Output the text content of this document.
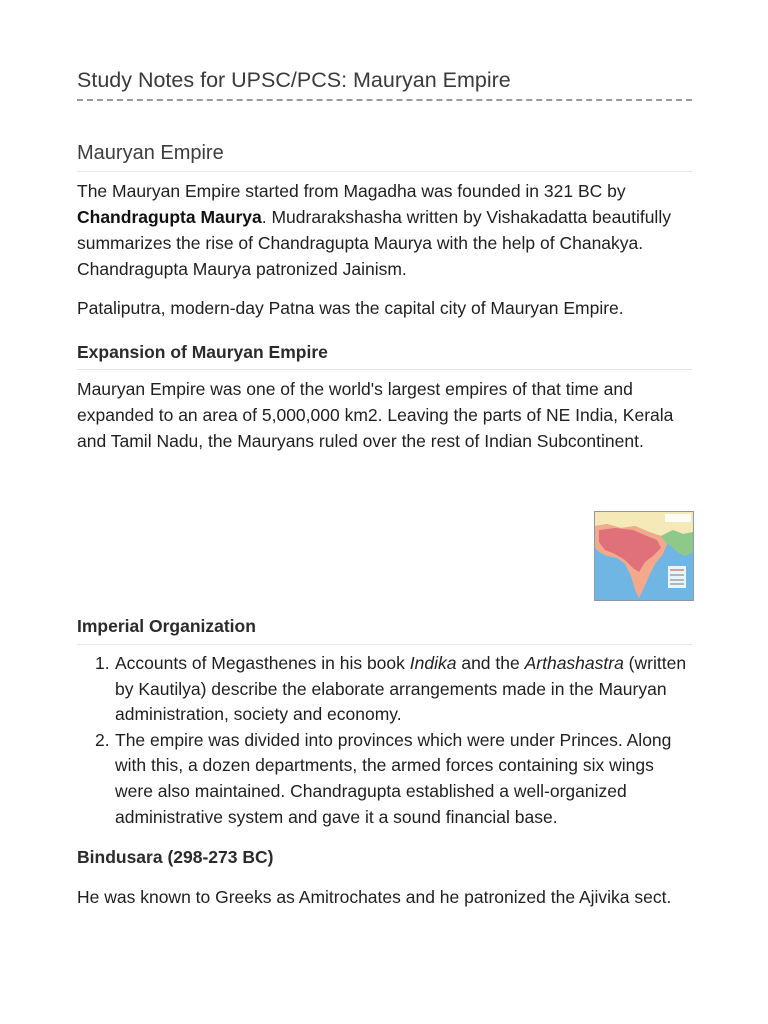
Study Notes for UPSC/PCS: Mauryan Empire
Mauryan Empire

The Mauryan Empire started from Magadha was founded in 321 BC by Chandragupta Maurya. Mudrarakshasha written by Vishakadatta beautifully summarizes the rise of Chandragupta Maurya with the help of Chanakya. Chandragupta Maurya patronized Jainism.

Pataliputra, modern-day Patna was the capital city of Mauryan Empire.

Expansion of Mauryan Empire

Mauryan Empire was one of the world's largest empires of that time and expanded to an area of 5,000,000 km2. Leaving the parts of NE India, Kerala and Tamil Nadu, the Mauryans ruled over the rest of Indian Subcontinent.

Imperial Organization
1. Accounts of Megasthenes in his book Indika and the Arthashastra (written by Kautilya) describe the elaborate arrangements made in the Mauryan administration, society and economy.
2. The empire was divided into provinces which were under Princes. Along with this, a dozen departments, the armed forces containing six wings were also maintained. Chandragupta established a well-organized administrative system and gave it a sound financial base.
Bindusara (298-273 BC)

He was known to Greeks as Amitrochates and he patronized the Ajivika sect.
